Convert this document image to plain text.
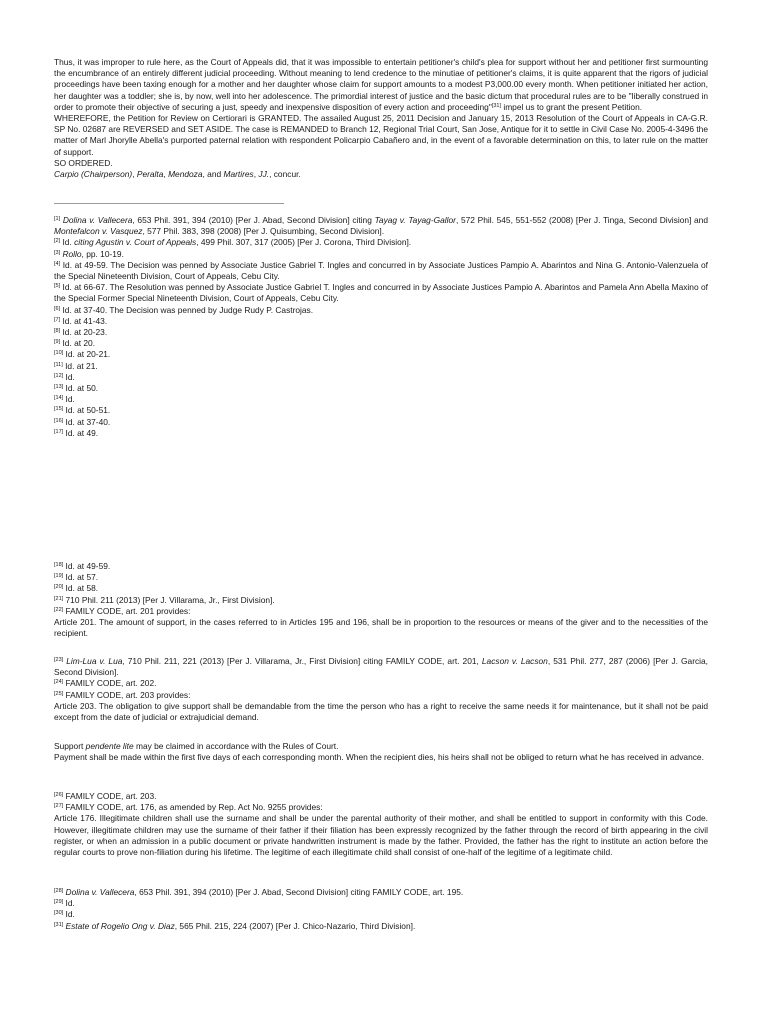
Thus, it was improper to rule here, as the Court of Appeals did, that it was impossible to entertain petitioner's child's plea for support without her and petitioner first surmounting the encumbrance of an entirely different judicial proceeding. Without meaning to lend credence to the minutiae of petitioner's claims, it is quite apparent that the rigors of judicial proceedings have been taxing enough for a mother and her daughter whose claim for support amounts to a modest P3,000.00 every month. When petitioner initiated her action, her daughter was a toddler; she is, by now, well into her adolescence. The primordial interest of justice and the basic dictum that procedural rules are to be "liberally construed in order to promote their objective of securing a just, speedy and inexpensive disposition of every action and proceeding"[31] impel us to grant the present Petition.

WHEREFORE, the Petition for Review on Certiorari is GRANTED. The assailed August 25, 2011 Decision and January 15, 2013 Resolution of the Court of Appeals in CA-G.R. SP No. 02687 are REVERSED and SET ASIDE. The case is REMANDED to Branch 12, Regional Trial Court, San Jose, Antique for it to settle in Civil Case No. 2005-4-3496 the matter of Marl Jhorylle Abella's purported paternal relation with respondent Policarpio Cabañero and, in the event of a favorable determination on this, to later rule on the matter of support.

SO ORDERED.

Carpio (Chairperson), Peralta, Mendoza, and Martires, JJ., concur.

[1] Dolina v. Vallecera, 653 Phil. 391, 394 (2010) [Per J. Abad, Second Division] citing Tayag v. Tayag-Gallor, 572 Phil. 545, 551-552 (2008) [Per J. Tinga, Second Division] and Montefalcon v. Vasquez, 577 Phil. 383, 398 (2008) [Per J. Quisumbing, Second Division].

[2] Id. citing Agustin v. Court of Appeals, 499 Phil. 307, 317 (2005) [Per J. Corona, Third Division].

[3] Rollo, pp. 10-19.

[4] Id. at 49-59. The Decision was penned by Associate Justice Gabriel T. Ingles and concurred in by Associate Justices Pampio A. Abarintos and Nina G. Antonio-Valenzuela of the Special Nineteenth Division, Court of Appeals, Cebu City.

[5] Id. at 66-67. The Resolution was penned by Associate Justice Gabriel T. Ingles and concurred in by Associate Justices Pampio A. Abarintos and Pamela Ann Abella Maxino of the Special Former Special Nineteenth Division, Court of Appeals, Cebu City.

[6] Id. at 37-40. The Decision was penned by Judge Rudy P. Castrojas.

[7] Id. at 41-43.

[8] Id. at 20-23.

[9] Id. at 20.

[10] Id. at 20-21.

[11] Id. at 21.

[12] Id.

[13] Id. at 50.

[14] Id.

[15] Id. at 50-51.

[16] Id. at 37-40.

[17] Id. at 49.

[18] Id. at 49-59.

[19] Id. at 57.

[20] Id. at 58.

[21] 710 Phil. 211 (2013) [Per J. Villarama, Jr., First Division].

[22] FAMILY CODE, art. 201 provides:

Article 201. The amount of support, in the cases referred to in Articles 195 and 196, shall be in proportion to the resources or means of the giver and to the necessities of the recipient.

[23] Lim-Lua v. Lua, 710 Phil. 211, 221 (2013) [Per J. Villarama, Jr., First Division] citing FAMILY CODE, art. 201, Lacson v. Lacson, 531 Phil. 277, 287 (2006) [Per J. Garcia, Second Division].

[24] FAMILY CODE, art. 202.

[25] FAMILY CODE, art. 203 provides:

Article 203. The obligation to give support shall be demandable from the time the person who has a right to receive the same needs it for maintenance, but it shall not be paid except from the date of judicial or extrajudicial demand.

Support pendente lite may be claimed in accordance with the Rules of Court.

Payment shall be made within the first five days of each corresponding month. When the recipient dies, his heirs shall not be obliged to return what he has received in advance.

[26] FAMILY CODE, art. 203.

[27] FAMILY CODE, art. 176, as amended by Rep. Act No. 9255 provides:

Article 176. Illegitimate children shall use the surname and shall be under the parental authority of their mother, and shall be entitled to support in conformity with this Code. However, illegitimate children may use the surname of their father if their filiation has been expressly recognized by the father through the record of birth appearing in the civil register, or when an admission in a public document or private handwritten instrument is made by the father. Provided, the father has the right to institute an action before the regular courts to prove non-filiation during his lifetime. The legitime of each illegitimate child shall consist of one-half of the legitime of a legitimate child.

[28] Dolina v. Vallecera, 653 Phil. 391, 394 (2010) [Per J. Abad, Second Division] citing FAMILY CODE, art. 195.

[29] Id.

[30] Id.

[31] Estate of Rogelio Ong v. Diaz, 565 Phil. 215, 224 (2007) [Per J. Chico-Nazario, Third Division].
